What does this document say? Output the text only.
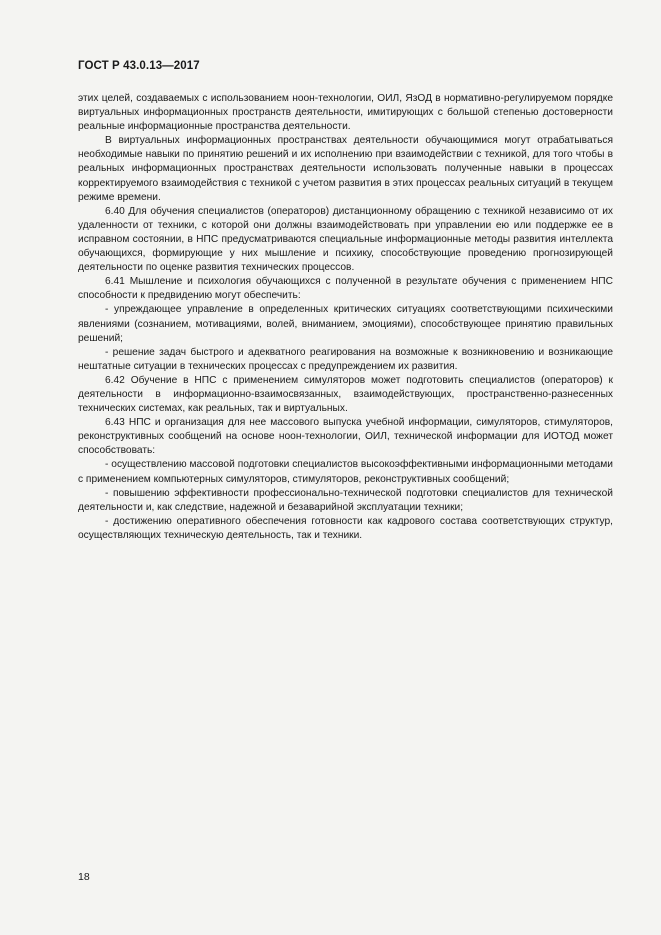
ГОСТ Р 43.0.13—2017

этих целей, создаваемых с использованием ноон-технологии, ОИЛ, ЯзОД в нормативно-регулируемом порядке виртуальных информационных пространств деятельности, имитирующих с большой степенью достоверности реальные информационные пространства деятельности.

В виртуальных информационных пространствах деятельности обучающимися могут отрабатываться необходимые навыки по принятию решений и их исполнению при взаимодействии с техникой, для того чтобы в реальных информационных пространствах деятельности использовать полученные навыки в процессах корректируемого взаимодействия с техникой с учетом развития в этих процессах реальных ситуаций в текущем режиме времени.

6.40 Для обучения специалистов (операторов) дистанционному обращению с техникой независимо от их удаленности от техники, с которой они должны взаимодействовать при управлении ею или поддержке ее в исправном состоянии, в НПС предусматриваются специальные информационные методы развития интеллекта обучающихся, формирующие у них мышление и психику, способствующие проведению прогнозирующей деятельности по оценке развития технических процессов.

6.41 Мышление и психология обучающихся с полученной в результате обучения с применением НПС способности к предвидению могут обеспечить:

- упреждающее управление в определенных критических ситуациях соответствующими психическими явлениями (сознанием, мотивациями, волей, вниманием, эмоциями), способствующее принятию правильных решений;

- решение задач быстрого и адекватного реагирования на возможные к возникновению и возникающие нештатные ситуации в технических процессах с предупреждением их развития.

6.42 Обучение в НПС с применением симуляторов может подготовить специалистов (операторов) к деятельности в информационно-взаимосвязанных, взаимодействующих, пространственно-разнесенных технических системах, как реальных, так и виртуальных.

6.43 НПС и организация для нее массового выпуска учебной информации, симуляторов, стимуляторов, реконструктивных сообщений на основе ноон-технологии, ОИЛ, технической информации для ИОТОД может способствовать:

- осуществлению массовой подготовки специалистов высокоэффективными информационными методами с применением компьютерных симуляторов, стимуляторов, реконструктивных сообщений;

- повышению эффективности профессионально-технической подготовки специалистов для технической деятельности и, как следствие, надежной и безаварийной эксплуатации техники;

- достижению оперативного обеспечения готовности как кадрового состава соответствующих структур, осуществляющих техническую деятельность, так и техники.

18
